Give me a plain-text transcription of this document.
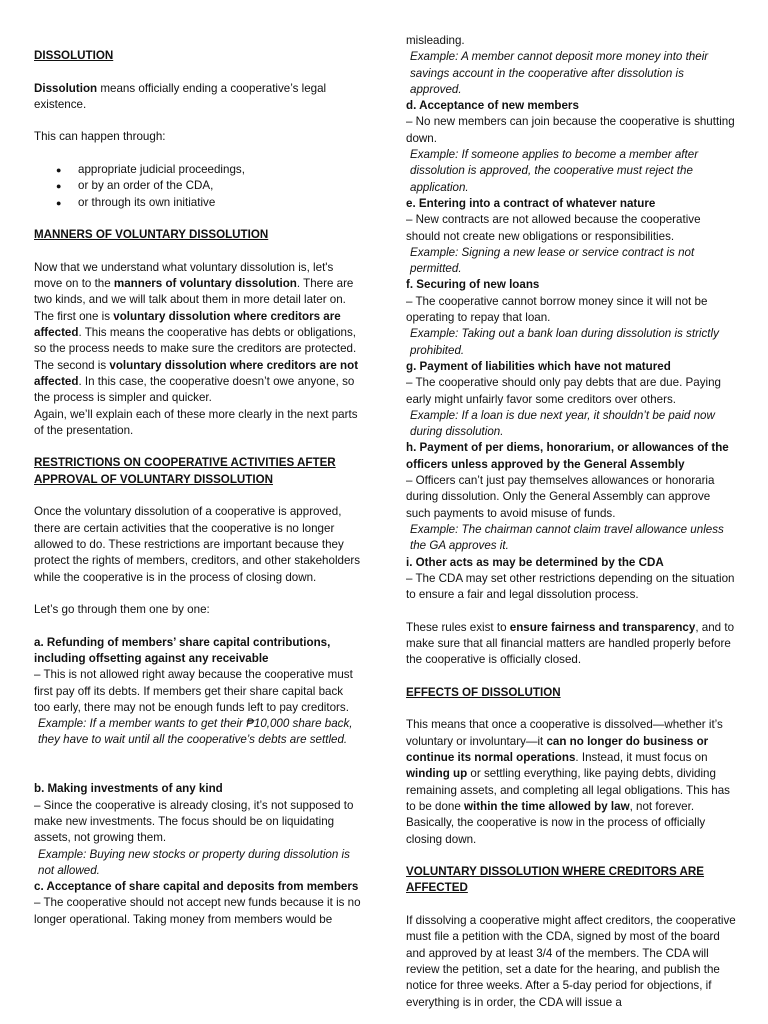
DISSOLUTION

Dissolution means officially ending a cooperative’s legal existence.

This can happen through:

● appropriate judicial proceedings,
● or by an order of the CDA,
● or through its own initiative

MANNERS OF VOLUNTARY DISSOLUTION

Now that we understand what voluntary dissolution is, let's move on to the manners of voluntary dissolution. There are two kinds, and we will talk about them in more detail later on.

The first one is voluntary dissolution where creditors are affected. This means the cooperative has debts or obligations, so the process needs to make sure the creditors are protected.

The second is voluntary dissolution where creditors are not affected. In this case, the cooperative doesn’t owe anyone, so the process is simpler and quicker.

Again, we’ll explain each of these more clearly in the next parts of the presentation.

RESTRICTIONS ON COOPERATIVE ACTIVITIES AFTER APPROVAL OF VOLUNTARY DISSOLUTION

Once the voluntary dissolution of a cooperative is approved, there are certain activities that the cooperative is no longer allowed to do. These restrictions are important because they protect the rights of members, creditors, and other stakeholders while the cooperative is in the process of closing down.

Let’s go through them one by one:

a. Refunding of members’ share capital contributions, including offsetting against any receivable

– This is not allowed right away because the cooperative must first pay off its debts. If members get their share capital back too early, there may not be enough funds left to pay creditors.

Example: If a member wants to get their ₱10,000 share back, they have to wait until all the cooperative’s debts are settled.

b. Making investments of any kind

– Since the cooperative is already closing, it’s not supposed to make new investments. The focus should be on liquidating assets, not growing them.

Example: Buying new stocks or property during dissolution is not allowed.

c. Acceptance of share capital and deposits from members

– The cooperative should not accept new funds because it is no longer operational. Taking money from members would be

misleading.

Example: A member cannot deposit more money into their savings account in the cooperative after dissolution is approved.

d. Acceptance of new members

– No new members can join because the cooperative is shutting down.

Example: If someone applies to become a member after dissolution is approved, the cooperative must reject the application.

e. Entering into a contract of whatever nature

– New contracts are not allowed because the cooperative should not create new obligations or responsibilities.

Example: Signing a new lease or service contract is not permitted.

f. Securing of new loans

– The cooperative cannot borrow money since it will not be operating to repay that loan.

Example: Taking out a bank loan during dissolution is strictly prohibited.

g. Payment of liabilities which have not matured

– The cooperative should only pay debts that are due. Paying early might unfairly favor some creditors over others.

Example: If a loan is due next year, it shouldn’t be paid now during dissolution.

h. Payment of per diems, honorarium, or allowances of the officers unless approved by the General Assembly

– Officers can’t just pay themselves allowances or honoraria during dissolution. Only the General Assembly can approve such payments to avoid misuse of funds.

Example: The chairman cannot claim travel allowance unless the GA approves it.

i. Other acts as may be determined by the CDA

– The CDA may set other restrictions depending on the situation to ensure a fair and legal dissolution process.

These rules exist to ensure fairness and transparency, and to make sure that all financial matters are handled properly before the cooperative is officially closed.

EFFECTS OF DISSOLUTION

This means that once a cooperative is dissolved—whether it’s voluntary or involuntary—it can no longer do business or continue its normal operations. Instead, it must focus on winding up or settling everything, like paying debts, dividing remaining assets, and completing all legal obligations. This has to be done within the time allowed by law, not forever. Basically, the cooperative is now in the process of officially closing down.

VOLUNTARY DISSOLUTION WHERE CREDITORS ARE AFFECTED

If dissolving a cooperative might affect creditors, the cooperative must file a petition with the CDA, signed by most of the board and approved by at least 3/4 of the members. The CDA will review the petition, set a date for the hearing, and publish the notice for three weeks. After a 5-day period for objections, if everything is in order, the CDA will issue a
